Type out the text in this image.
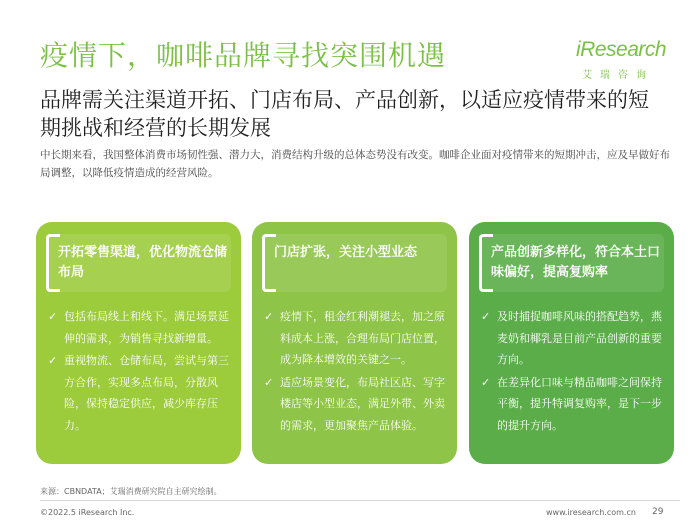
疫情下，咖啡品牌寻找突围机遇	iResearch
艾瑞咨询
品牌需关注渠道开拓、门店布局、产品创新，以适应疫情带来的短期挑战和经营的长期发展
中长期来看，我国整体消费市场韧性强、潜力大，消费结构升级的总体态势没有改变。咖啡企业面对疫情带来的短期冲击，应及早做好布局调整，以降低疫情造成的经营风险。
开拓零售渠道，优化物流仓储布局
✓ 包括布局线上和线下。满足场景延伸的需求，为销售寻找新增量。
✓ 重视物流、仓储布局，尝试与第三方合作，实现多点布局，分散风险，保持稳定供应，减少库存压力。
门店扩张，关注小型业态
✓ 疫情下，租金红利潮褪去，加之原料成本上涨，合理布局门店位置，成为降本增效的关键之一。
✓ 适应场景变化，布局社区店、写字楼店等小型业态，满足外带、外卖的需求，更加聚焦产品体验。
产品创新多样化，符合本土口味偏好，提高复购率
✓ 及时捕捉咖啡风味的搭配趋势，燕麦奶和椰乳是目前产品创新的重要方向。
✓ 在差异化口味与精品咖啡之间保持平衡，提升特调复购率，是下一步的提升方向。
来源：CBNDATA；艾瑞消费研究院自主研究绘制。
©2022.5 iResearch Inc.	www.iresearch.com.cn 29
